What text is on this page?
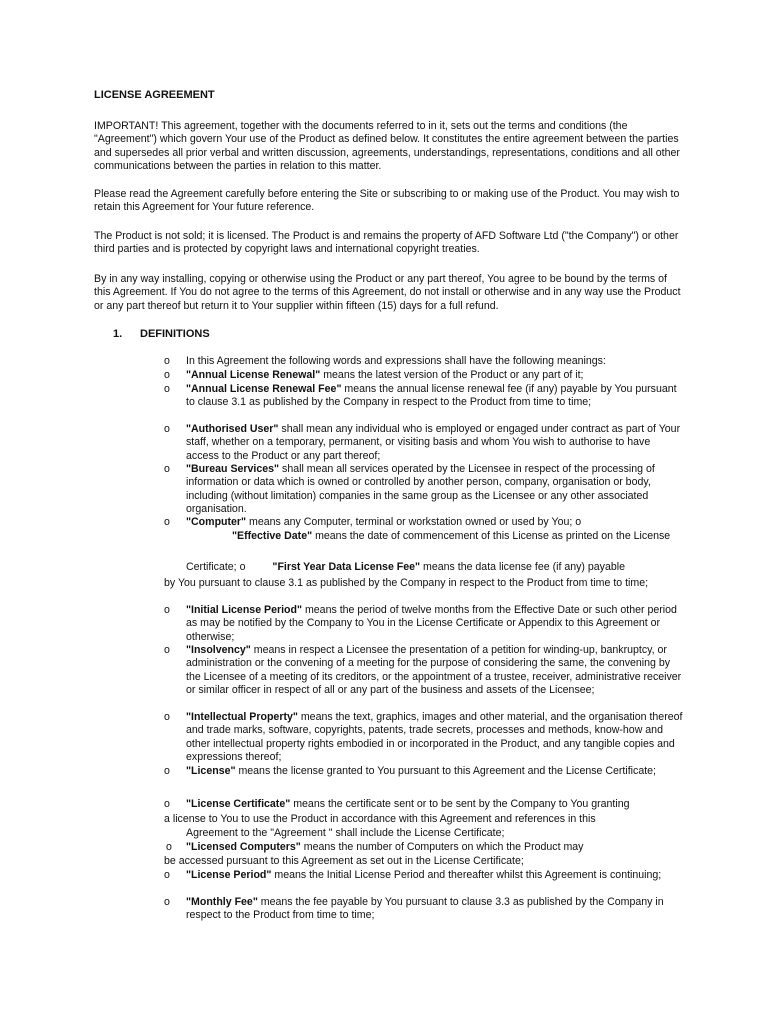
LICENSE AGREEMENT

IMPORTANT! This agreement, together with the documents referred to in it, sets out the terms and conditions (the "Agreement") which govern Your use of the Product as defined below. It constitutes the entire agreement between the parties and supersedes all prior verbal and written discussion, agreements, understandings, representations, conditions and all other communications between the parties in relation to this matter.

Please read the Agreement carefully before entering the Site or subscribing to or making use of the Product. You may wish to retain this Agreement for Your future reference.

The Product is not sold; it is licensed. The Product is and remains the property of AFD Software Ltd ("the Company") or other third parties and is protected by copyright laws and international copyright treaties.

By in any way installing, copying or otherwise using the Product or any part thereof, You agree to be bound by the terms of this Agreement. If You do not agree to the terms of this Agreement, do not install or otherwise and in any way use the Product or any part thereof but return it to Your supplier within fifteen (15) days for a full refund.

1. DEFINITIONS
o In this Agreement the following words and expressions shall have the following meanings:
o "Annual License Renewal" means the latest version of the Product or any part of it;
o "Annual License Renewal Fee" means the annual license renewal fee (if any) payable by You pursuant to clause 3.1 as published by the Company in respect to the Product from time to time;
o "Authorised User" shall mean any individual who is employed or engaged under contract as part of Your staff, whether on a temporary, permanent, or visiting basis and whom You wish to authorise to have access to the Product or any part thereof;
o "Bureau Services" shall mean all services operated by the Licensee in respect of the processing of information or data which is owned or controlled by another person, company, organisation or body, including (without limitation) companies in the same group as the Licensee or any other associated organisation.
o "Computer" means any Computer, terminal or workstation owned or used by You; o
"Effective Date" means the date of commencement of this License as printed on the License
Certificate; o	"First Year Data License Fee" means the data license fee (if any) payable
by You pursuant to clause 3.1 as published by the Company in respect to the Product from time to time;
o "Initial License Period" means the period of twelve months from the Effective Date or such other period as may be notified by the Company to You in the License Certificate or Appendix to this Agreement or otherwise;
o "Insolvency" means in respect a Licensee the presentation of a petition for winding-up, bankruptcy, or administration or the convening of a meeting for the purpose of considering the same, the convening by the Licensee of a meeting of its creditors, or the appointment of a trustee, receiver, administrative receiver or similar officer in respect of all or any part of the business and assets of the Licensee;
o "Intellectual Property" means the text, graphics, images and other material, and the organisation thereof and trade marks, software, copyrights, patents, trade secrets, processes and methods, know-how and other intellectual property rights embodied in or incorporated in the Product, and any tangible copies and expressions thereof;
o "License" means the license granted to You pursuant to this Agreement and the License Certificate;
o "License Certificate" means the certificate sent or to be sent by the Company to You granting
a license to You to use the Product in accordance with this Agreement and references in this
Agreement to the "Agreement " shall include the License Certificate;
o "Licensed Computers" means the number of Computers on which the Product may
be accessed pursuant to this Agreement as set out in the License Certificate;
o "License Period" means the Initial License Period and thereafter whilst this Agreement is continuing;
o "Monthly Fee" means the fee payable by You pursuant to clause 3.3 as published by the Company in respect to the Product from time to time;
